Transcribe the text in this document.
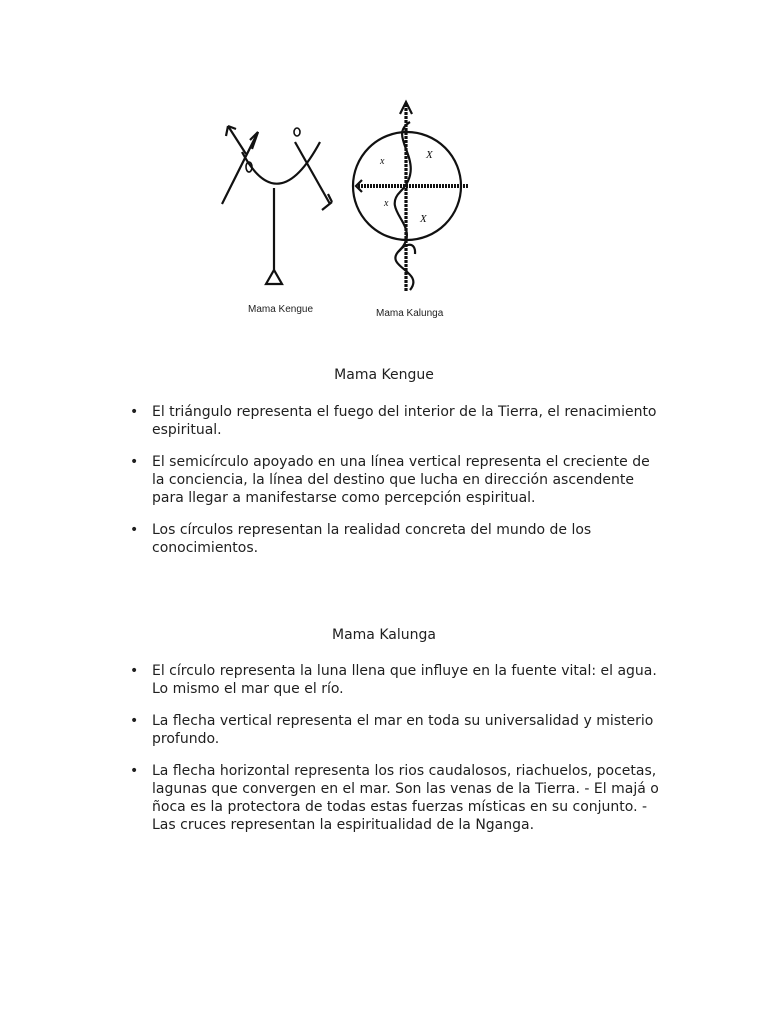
x
X
x
X
Mama Kengue	Mama Kalunga
Mama Kengue
• El triángulo representa el fuego del interior de la Tierra, el renacimiento espiritual.
• El semicírculo apoyado en una línea vertical representa el creciente de la conciencia, la línea del destino que lucha en dirección ascendente para llegar a manifestarse como percepción espiritual.
• Los círculos representan la realidad concreta del mundo de los conocimientos.
Mama Kalunga
• El círculo representa la luna llena que influye en la fuente vital: el agua. Lo mismo el mar que el río.
• La flecha vertical representa el mar en toda su universalidad y misterio profundo.
• La flecha horizontal representa los rios caudalosos, riachuelos, pocetas, lagunas que convergen en el mar. Son las venas de la Tierra. - El majá o ñoca es la protectora de todas estas fuerzas místicas en su conjunto. - Las cruces representan la espiritualidad de la Nganga.
